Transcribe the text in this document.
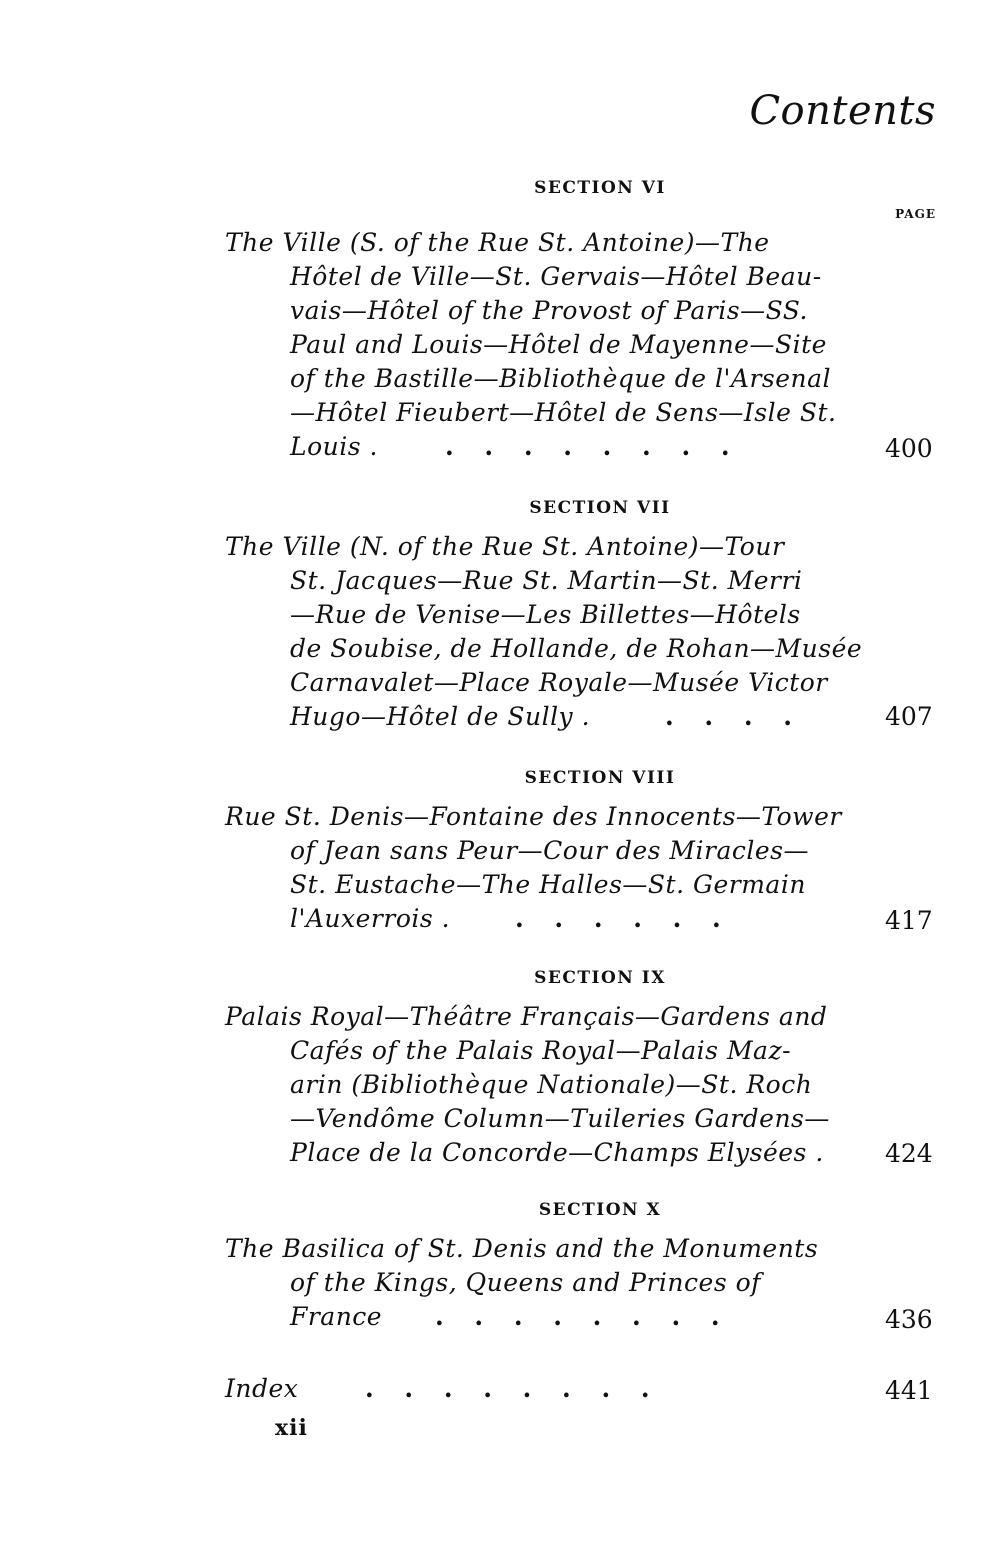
Contents
PAGE
SECTION VI
The Ville (S. of the Rue St. Antoine)—The
Hôtel de Ville—St. Gervais—Hôtel Beau-
vais—Hôtel of the Provost of Paris—SS.
Paul and Louis—Hôtel de Mayenne—Site
of the Bastille—Bibliothèque de l'Arsenal
—Hôtel Fieubert—Hôtel de Sens—Isle St.
Louis .	. . . . . . . .	400
SECTION VII
The Ville (N. of the Rue St. Antoine)—Tour
St. Jacques—Rue St. Martin—St. Merri
—Rue de Venise—Les Billettes—Hôtels
de Soubise, de Hollande, de Rohan—Musée
Carnavalet—Place Royale—Musée Victor
Hugo—Hôtel de Sully .	. . . .	407
SECTION VIII
Rue St. Denis—Fontaine des Innocents—Tower
of Jean sans Peur—Cour des Miracles—
St. Eustache—The Halles—St. Germain
l'Auxerrois .	. . . . . .	417
SECTION IX
Palais Royal—Théâtre Français—Gardens and
Cafés of the Palais Royal—Palais Maz-
arin (Bibliothèque Nationale)—St. Roch
—Vendôme Column—Tuileries Gardens—
Place de la Concorde—Champs Elysées . 424
SECTION X
The Basilica of St. Denis and the Monuments
of the Kings, Queens and Princes of
France . . . . . . . .	436
Index	. . . . . . . .	441
xii
